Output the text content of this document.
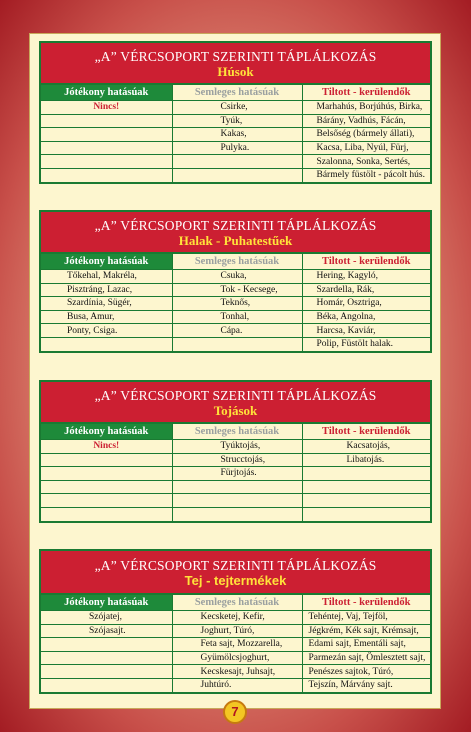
„A” VÉRCSOPORT SZERINTI TÁPLÁLKOZÁS
Húsok
Jótékony hatásúak	Semleges hatásúak	Tiltott - kerülendők
Nincs!	Csirke,	Marhahús, Borjúhús, Birka,
	Tyúk,	Bárány, Vadhús, Fácán,
	Kakas,	Belsőség (bármely állati),
	Pulyka.	Kacsa, Liba, Nyúl, Fürj,
		Szalonna, Sonka, Sertés,
		Bármely füstölt - pácolt hús.
„A” VÉRCSOPORT SZERINTI TÁPLÁLKOZÁS
Halak - Puhatestűek
Jótékony hatásúak	Semleges hatásúak	Tiltott - kerülendők
Tőkehal, Makréla,	Csuka,	Hering, Kagyló,
Pisztráng, Lazac,	Tok - Kecsege,	Szardella, Rák,
Szardínia, Sügér,	Teknős,	Homár, Osztriga,
Busa, Amur,	Tonhal,	Béka, Angolna,
Ponty, Csiga.	Cápa.	Harcsa, Kaviár,
		Polip, Füstölt halak.
„A” VÉRCSOPORT SZERINTI TÁPLÁLKOZÁS
Tojások
Jótékony hatásúak	Semleges hatásúak	Tiltott - kerülendők
Nincs!	Tyúktojás,	Kacsatojás,
	Strucctojás,	Libatojás.
	Fürjtojás.	

„A” VÉRCSOPORT SZERINTI TÁPLÁLKOZÁS
Tej - tejtermékek
Jótékony hatásúak	Semleges hatásúak	Tiltott - kerülendők
Szójatej,	Kecsketej, Kefir,	Tehéntej, Vaj, Tejföl,
Szójasajt.	Joghurt, Túró,	Jégkrém, Kék sajt, Krémsajt,
	Feta sajt, Mozzarella,	Edami sajt, Ementáli sajt,
	Gyümölcsjoghurt,	Parmezán sajt, Ömlesztett sajt,
	Kecskesajt, Juhsajt,	Penészes sajtok, Túró,
	Juhtúró.	Tejszín, Márvány sajt.
7
